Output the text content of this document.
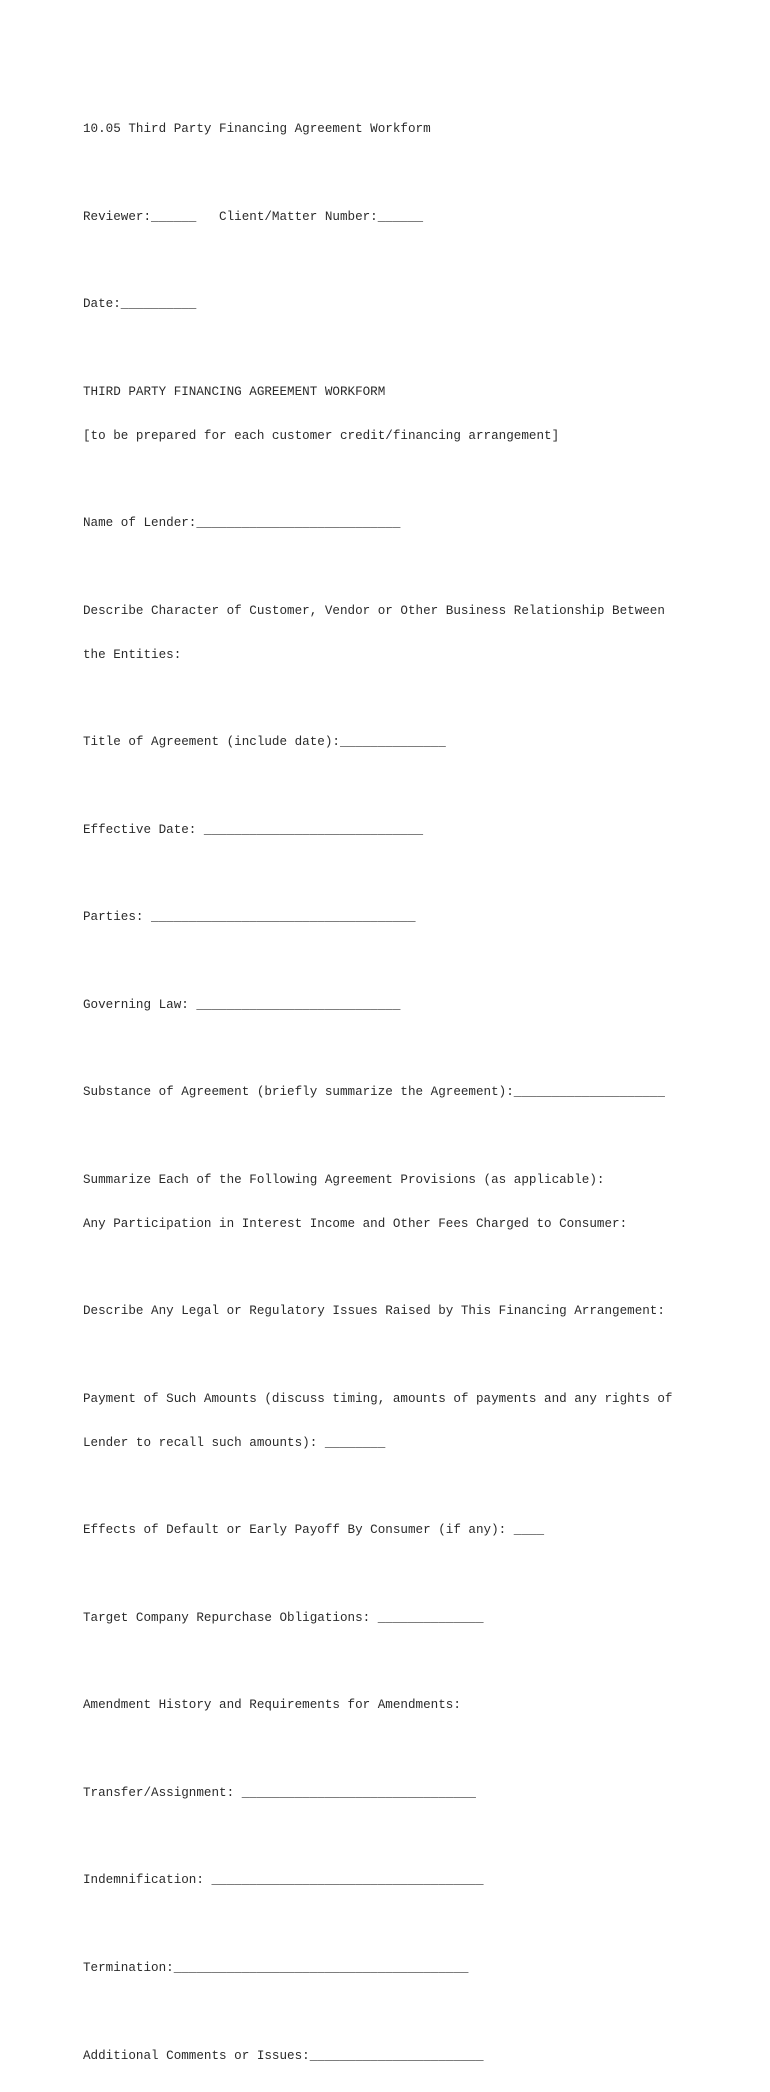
10.05 Third Party Financing Agreement Workform

Reviewer:______   Client/Matter Number:______

Date:__________

THIRD PARTY FINANCING AGREEMENT WORKFORM

[to be prepared for each customer credit/financing arrangement]

Name of Lender:___________________________

Describe Character of Customer, Vendor or Other Business Relationship Between

the Entities:

Title of Agreement (include date):______________

Effective Date: _____________________________

Parties: ___________________________________

Governing Law: ___________________________

Substance of Agreement (briefly summarize the Agreement):____________________

Summarize Each of the Following Agreement Provisions (as applicable):

Any Participation in Interest Income and Other Fees Charged to Consumer:

Describe Any Legal or Regulatory Issues Raised by This Financing Arrangement:

Payment of Such Amounts (discuss timing, amounts of payments and any rights of

Lender to recall such amounts): ________

Effects of Default or Early Payoff By Consumer (if any): ____

Target Company Repurchase Obligations: ______________

Amendment History and Requirements for Amendments:

Transfer/Assignment: _______________________________

Indemnification: ____________________________________

Termination:_______________________________________

Additional Comments or Issues:_______________________
